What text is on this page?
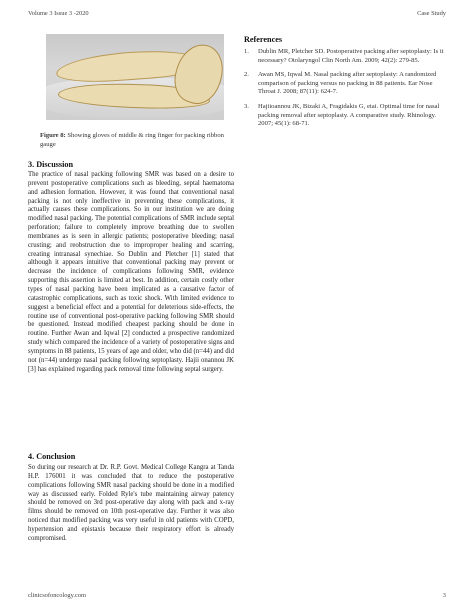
Volume 3 Issue 3 -2020	Case Study
Figure 8: Showing gloves of middle & ring finger for packing ribbon gauge
3. Discussion
The practice of nasal packing following SMR was based on a desire to prevent postoperative complications such as bleeding, septal haematoma and adhesion formation. However, it was found that conventional nasal packing is not only ineffective in preventing these complications, it actually causes these complications. So in our institution we are doing modified nasal packing. The potential complications of SMR include septal perforation; failure to completely improve breathing due to swollen membranes as is seen in allergic patients; postoperative bleeding; nasal crusting; and reobstruction due to improproper healing and scarring, creating intranasal synechiae. So Dublin and Pletcher [1] stated that although it appears intuitive that conventional packing may prevent or decrease the incidence of complications following SMR, evidence supporting this assertion is limited at best. In addition, certain costly other types of nasal packing have been implicated as a causative factor of catastrophic complications, such as toxic shock. With limited evidence to suggest a beneficial effect and a potential for deleterious side-effects, the routine use of conventional post-operative packing following SMR should be questioned. Instead modified cheapest packing should be done in routine. Further Awan and Iqwal [2] conducted a prospective randomized study which compared the incidence of a variety of postoperative signs and symptoms in 88 patients, 15 years of age and older, who did (n=44) and did not (n=44) undergo nasal packing following septoplasty. Hajii onannou JK [3] has explained regarding pack removal time following septal surgery.
4. Conclusion
So during our research at Dr. R.P. Govt. Medical College Kangra at Tanda H.P. 176001 it was concluded that to reduce the postoperative complications following SMR nasal packing should be done in a modified way as discussed early. Folded Ryle's tube maintaining airway patency should be removed on 3rd post-operative day along with pack and x-ray films should be removed on 10th post-operative day. Further it was also noticed that modified packing was very useful in old patients with COPD, hypertension and epistaxis because their respiratory effort is already compromised.
References
1.	Dublin MR, Pletcher SD. Postoperative packing after septoplasty: Is it necessary? Otolaryngol Clin North Am. 2009; 42(2): 279-85.
2.	Awan MS, Iqwal M. Nasal packing after septoplasty: A randomized comparison of packing versus no packing in 88 patients. Ear Nose Throat J. 2008; 87(11): 624-7.
3.	Hajiioannou JK, Bizaki A, Fragidakis G, etai. Optimal time for nasal packing removal after septoplasty. A comparative study. Rhinology. 2007; 45(1): 68-71.
clinicsofoncology.com	3
